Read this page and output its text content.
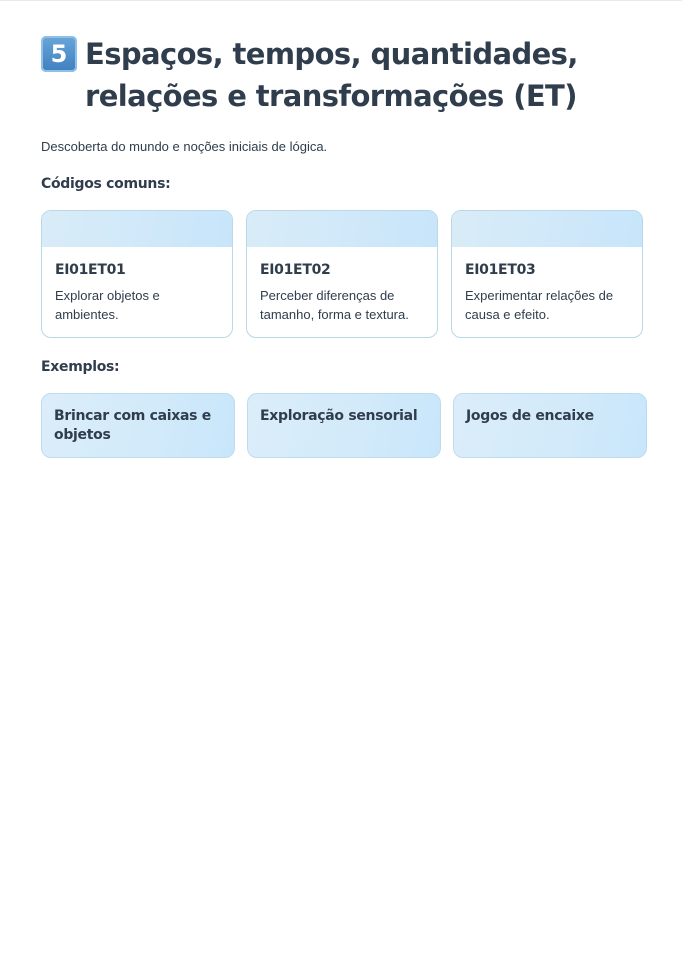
5 Espaços, tempos, quantidades, relações e transformações (ET)
Descoberta do mundo e noções iniciais de lógica.
Códigos comuns:
EI01ET01
Explorar objetos e ambientes.
EI01ET02
Perceber diferenças de tamanho, forma e textura.
EI01ET03
Experimentar relações de causa e efeito.
Exemplos:
Brincar com caixas e objetos
Exploração sensorial	Jogos de encaixe
